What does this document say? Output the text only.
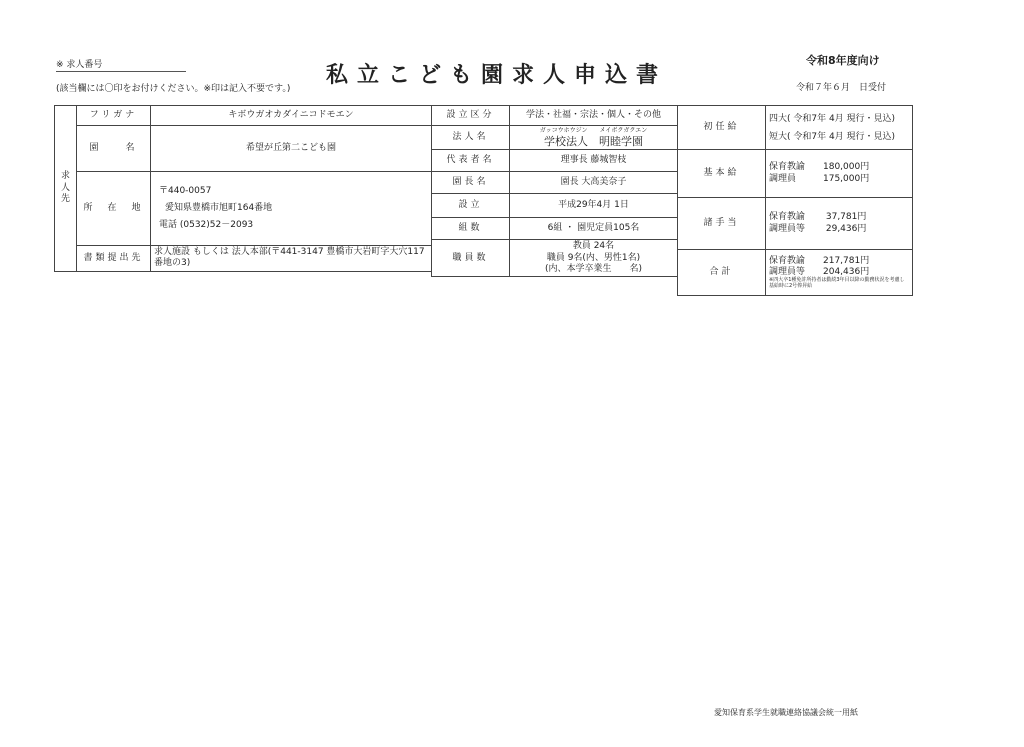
※ 求人番号
(該当欄には〇印をお付けください。※印は記入不要です。)
私立こども園求人申込書
令和8年度向け
令和７年６月　日受付
求人先	フリガナ	キボウガオカダイニコドモエン
	園　　名	希望が丘第二こども園
	所　在　地	〒440-0057
愛知県豊橋市旭町164番地
電話 (0532)52－2093

	書類提出先	求人施設 もしくは 法人本部(〒441-3147 豊橋市大岩町字大穴117番地の3)
設立区分	学法・社福・宗法・個人・その他
法人名	ガッコウホウジン　　メイボクガクエン
学校法人　明睦学園

代表者名	理事長 藤城智枝
園長名	園長 大高美奈子
設立	平成29年4月 1日
組数	6組 ・ 園児定員105名
職員数	教員 24名
職員 9名(内、男性1名)
(内、本学卒業生　　名)
初任給	四大( 令和7年 4月 現行・見込)
短大( 令和7年 4月 現行・見込)

基本給	保育教諭　　180,000円
調理員　　　175,000円

諸手当	保育教諭　　 37,781円
調理員等　　 29,436円

合計	保育教諭　　217,781円
調理員等　　204,436円
※四大卒1種免許所持者は勤続3年目以降の勤務状況を考慮し基給時に2号俸昇給
愛知保育系学生就職連絡協議会統一用紙
